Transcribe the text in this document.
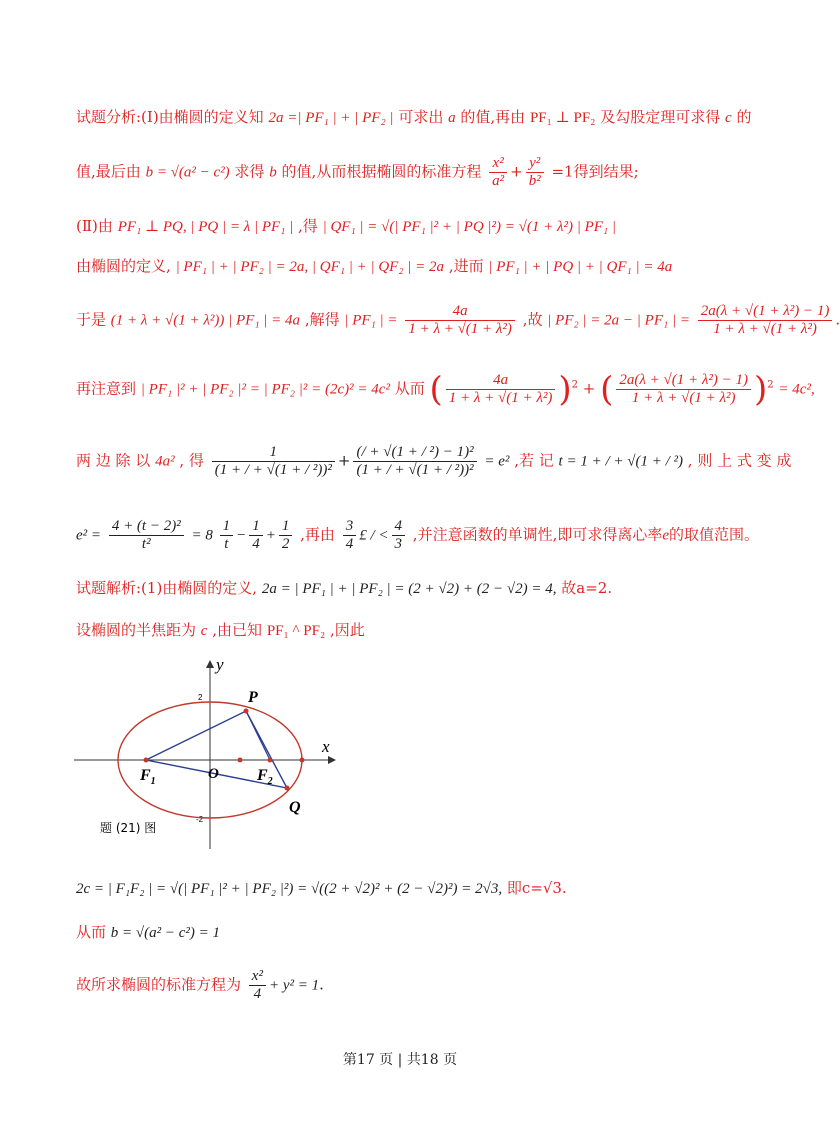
试题分析:(Ⅰ)由椭圆的定义知 2a =| PF₁ | + | PF₂ | 可求出 a 的值,再由 PF₁ ⊥ PF₂ 及勾股定理可求得 c 的
值,最后由 b = √(a² − c²) 求得 b 的值,从而根据椭圆的标准方程 $\frac{\text{x²}}{\text{a²}} + \frac{\text{y²}}{\text{b²}} =1$得到结果;
(Ⅱ)由 PF₁ ⊥ PQ, | PQ | = λ | PF₁ | ,得 | QF₁ | = √(| PF₁ |² + | PQ |²) = √(1 + λ²) | PF₁ |
由椭圆的定义, | PF₁ | + | PF₂ | = 2a, | QF₁ | + | QF₂ | = 2a ,进而 | PF₁ | + | PQ | + | QF₁ | = 4a
于是 (1 + λ + √(1 + λ²)) | PF₁ | = 4a ,解得 | PF₁ | = $\frac{4a}{\text{1 + λ + √(1 + λ²)}}$ ,故 | PF₂ | = 2a − | PF₁ | = $\frac{\text{2a(λ + √(1 + λ²) − 1)}}{\text{1 + λ + √(1 + λ²)}}$ .
再注意到 | PF₁ |² + | PF₂ |² = | PF₂ |² = (2c)² = 4c² 从而 ( $\frac{4a}{\text{1 + λ + √(1 + λ²)}} )^2$ + ( $\frac{\text{2a(λ + √(1 + λ²) − 1)}}{\text{1 + λ + √(1 + λ²)}} )^2 = 4c^2$,
两 边 除 以 4a² , 得 $\frac{1}{\text{(1 + / + √(1 + / ²))²}} + \frac{\text{(/ + √(1 + / ²) − 1)²}}{\text{(1 + / + √(1 + / ²))²}} = e^2$ ,若 记 t = 1 + / + √(1 + / ²) , 则 上 式 变 成
$e^2 = \frac{\text{4 + (t − 2)²}}{\text{t²}} = 8 \frac{1}{t} - \frac{1}{4} + \frac{1}{2}$ ,再由 $\frac{3}{4}$ £ / < $\frac{4}{3}$ ,并注意函数的单调性,即可求得离心率e的取值范围。
试题解析:(1)由椭圆的定义, 2a = | PF₁ | + | PF₂ | = (2 + √2) + (2 − √2) = 4, 故a=2.
设椭圆的半焦距为 c ,由已知 PF₁ ^ PF₂ ,因此
x
y
2
-2
P
Q
O
$F_1$	$F_2$
题 (21) 图
2c = | F₁F₂ | = √(| PF₁ |² + | PF₂ |²) = √((2 + √2)² + (2 − √2)²) = 2√3, 即c=√3.
从而 b = √(a² − c²) = 1
故所求椭圆的标准方程为 $\frac{\text{x²}}{4} + y^2 = 1$.
第17 页 | 共18 页
